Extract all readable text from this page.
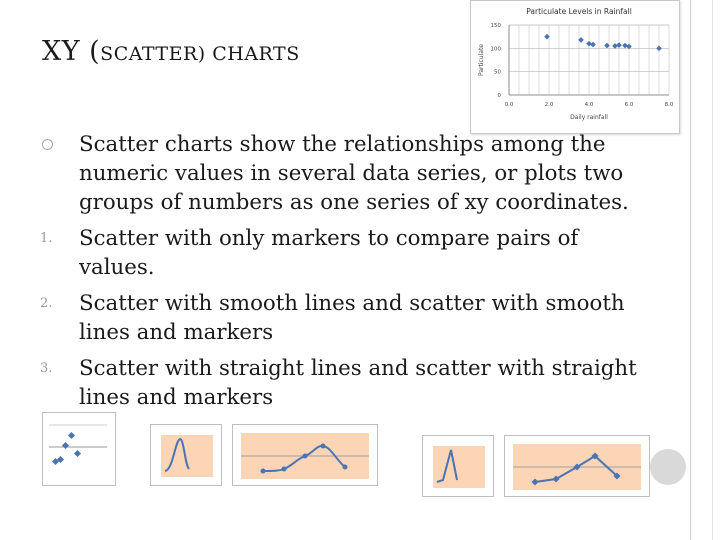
XY (SCATTER) CHARTS
Particulate Levels in Rainfall
0
50
100
150
0.0	2.0	4.0	6.0	8.0
Daily rainfall
Particulate
Scatter charts show the relationships among the numeric values in several data series, or plots two groups of numbers as one series of xy coordinates.
1.	Scatter with only markers to compare pairs of values.
2.	Scatter with smooth lines and scatter with smooth lines and markers
3.	Scatter with straight lines and scatter with straight lines and markers
